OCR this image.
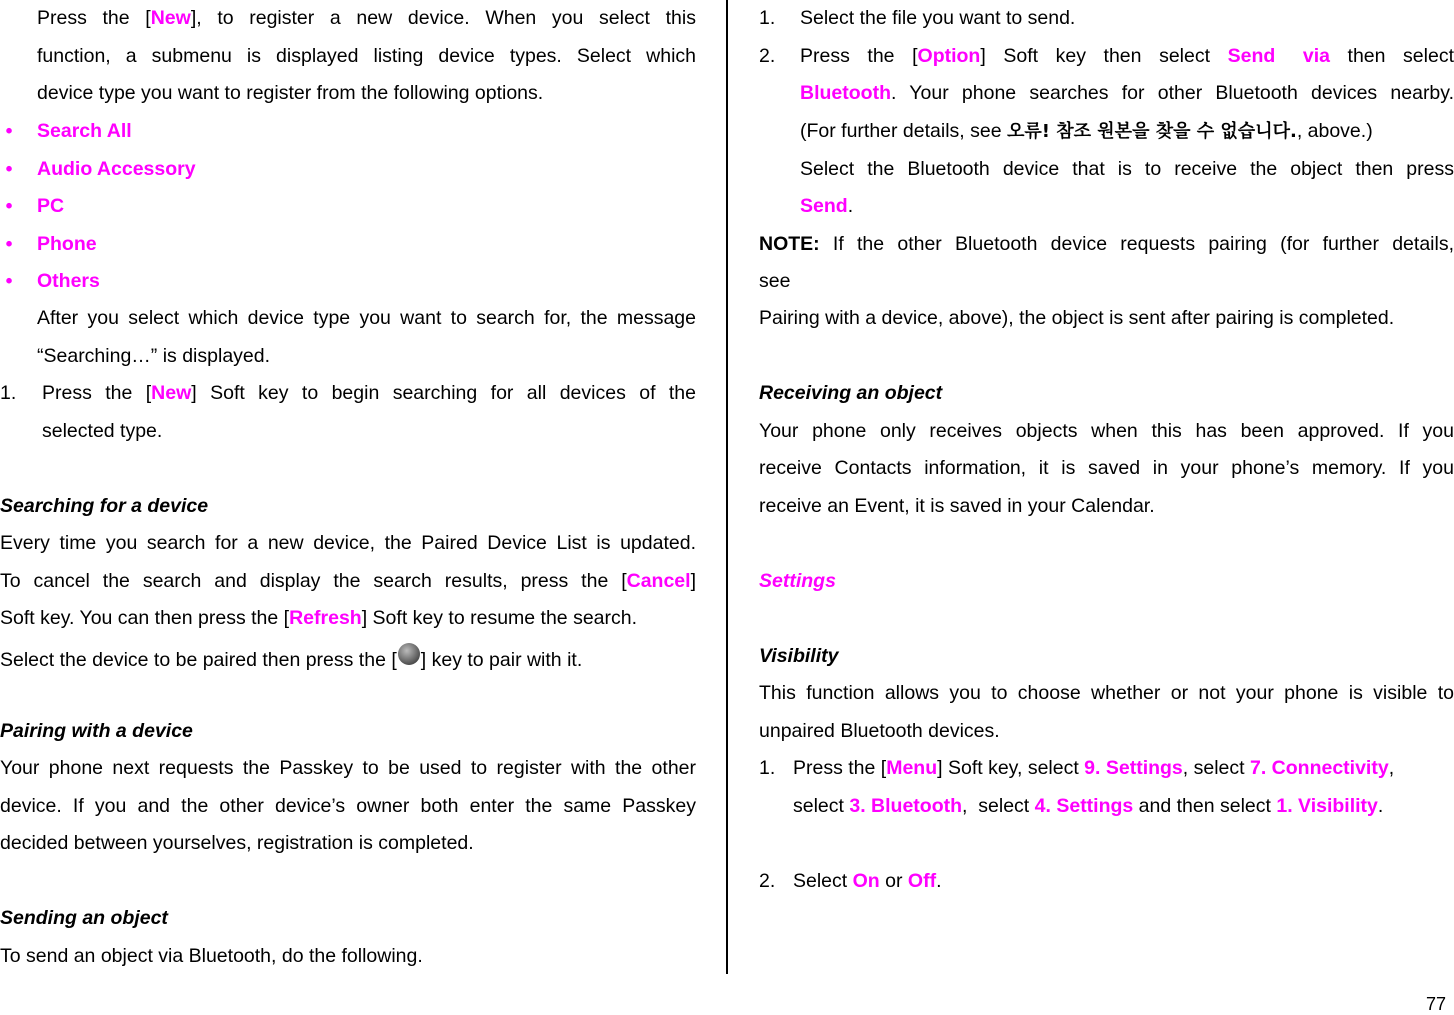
Press the [New], to register a new device. When you select this
function, a submenu is displayed listing device types. Select which
device type you want to register from the following options.
• Search All
• Audio Accessory
• PC
• Phone
• Others
After you select which device type you want to search for, the message
“Searching…” is displayed.
1. Press the [New] Soft key to begin searching for all devices of the
selected type.
Searching for a device
Every time you search for a new device, the Paired Device List is updated.
To cancel the search and display the search results, press the [Cancel]
Soft key. You can then press the [Refresh] Soft key to resume the search.
Select the device to be paired then press the [ ] key to pair with it.
Pairing with a device
Your phone next requests the Passkey to be used to register with the other
device. If you and the other device’s owner both enter the same Passkey
decided between yourselves, registration is completed.
Sending an object
To send an object via Bluetooth, do the following.
1. Select the file you want to send.
2. Press the [Option] Soft key then select Send via then select
Bluetooth. Your phone searches for other Bluetooth devices nearby.
(For further details, see 오류! 참조 원본을 찾을 수 없습니다., above.)
Select the Bluetooth device that is to receive the object then press
Send.
NOTE: If the other Bluetooth device requests pairing (for further details,
see
Pairing with a device, above), the object is sent after pairing is completed.
Receiving an object
Your phone only receives objects when this has been approved. If you
receive Contacts information, it is saved in your phone’s memory. If you
receive an Event, it is saved in your Calendar.
Settings
Visibility
This function allows you to choose whether or not your phone is visible to
unpaired Bluetooth devices.
1. Press the [Menu] Soft key, select 9. Settings, select 7. Connectivity,
select 3. Bluetooth,  select 4. Settings and then select 1. Visibility.
2. Select On or Off.
77
